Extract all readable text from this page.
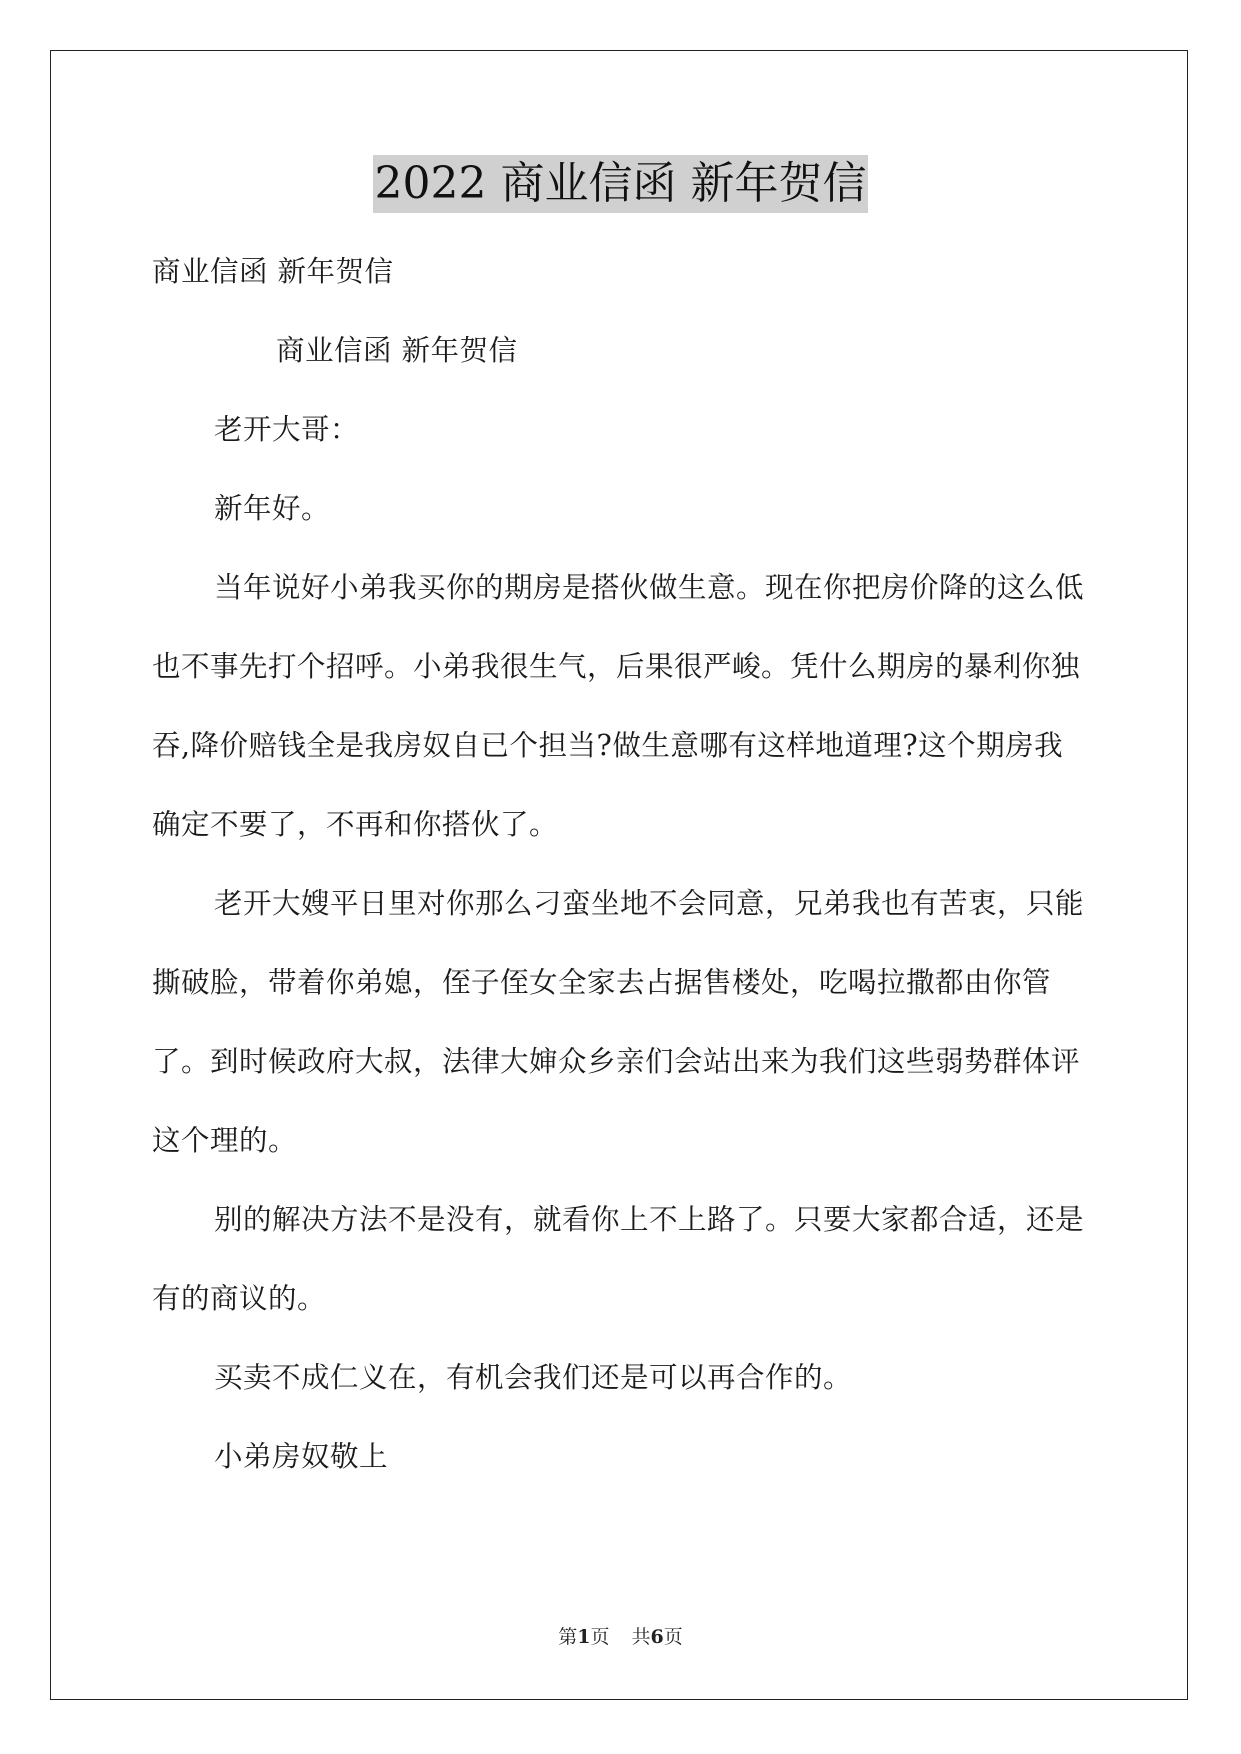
2022 商业信函 新年贺信

商业信函 新年贺信

商业信函 新年贺信

老开大哥：

新年好。

当年说好小弟我买你的期房是搭伙做生意。现在你把房价降的这么低也不事先打个招呼。小弟我很生气，后果很严峻。凭什么期房的暴利你独吞,降价赔钱全是我房奴自已个担当?做生意哪有这样地道理?这个期房我确定不要了，不再和你搭伙了。

老开大嫂平日里对你那么刁蛮坐地不会同意，兄弟我也有苦衷，只能撕破脸，带着你弟媳，侄子侄女全家去占据售楼处，吃喝拉撒都由你管了。到时候政府大叔，法律大婶众乡亲们会站出来为我们这些弱势群体评这个理的。

别的解决方法不是没有，就看你上不上路了。只要大家都合适，还是有的商议的。

买卖不成仁义在，有机会我们还是可以再合作的。

小弟房奴敬上

第1页 共6页
